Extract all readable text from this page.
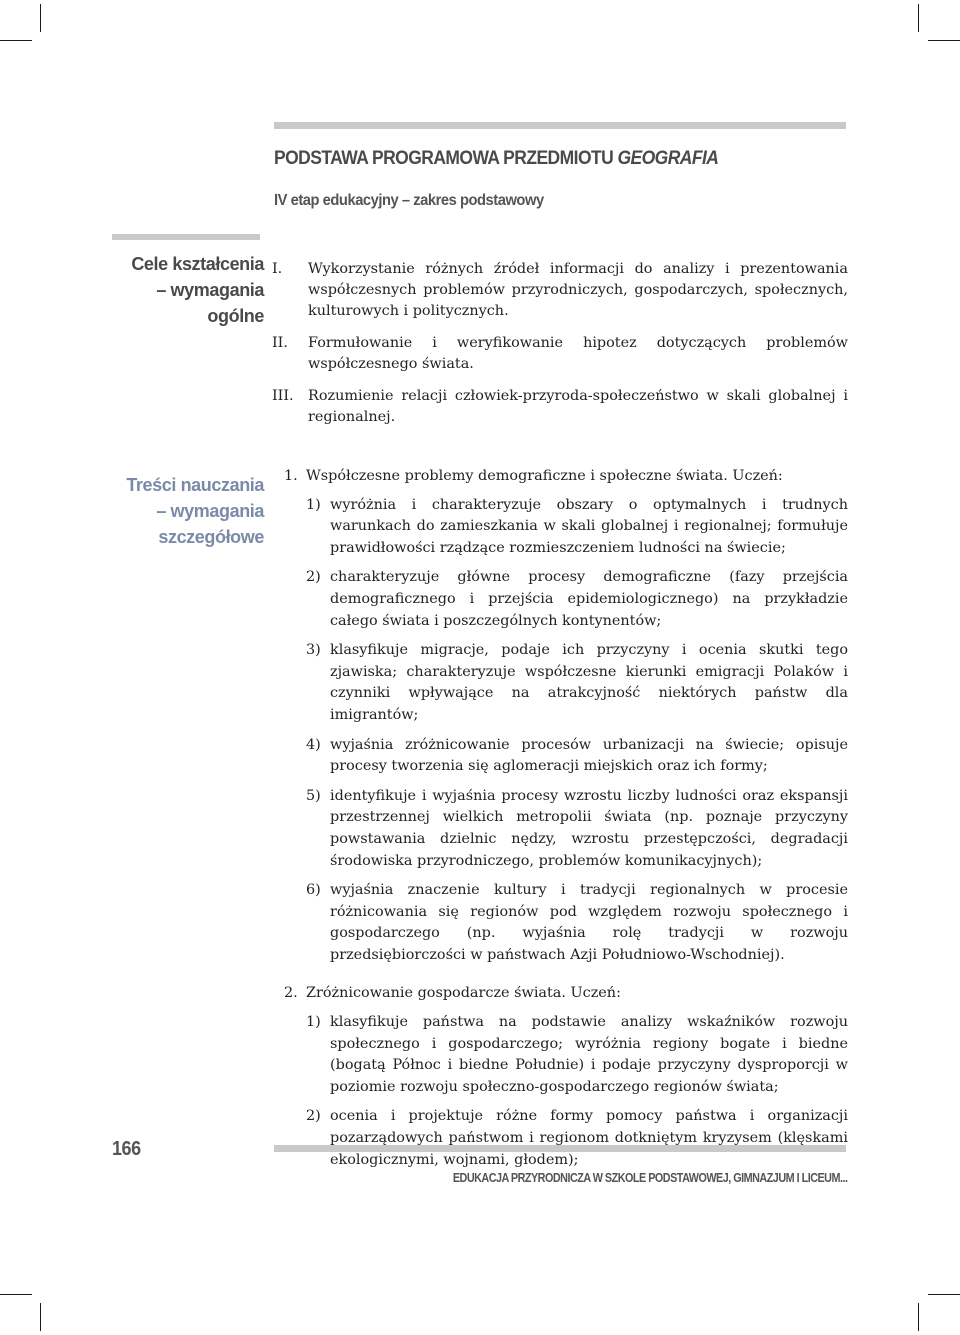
PODSTAWA PROGRAMOWA PRZEDMIOTU GEOGRAFIA
IV etap edukacyjny – zakres podstawowy
Cele kształcenia
– wymagania
ogólne
Treści nauczania
– wymagania
szczegółowe
I.	Wykorzystanie różnych źródeł informacji do analizy i prezentowania współczesnych problemów przyrodniczych, gospodarczych, społecznych, kulturowych i politycznych.
II.	Formułowanie i weryfikowanie hipotez dotyczących problemów współczesnego świata.
III. Rozumienie relacji człowiek-przyroda-społeczeństwo w skali globalnej i regionalnej.
1. Współczesne problemy demograficzne i społeczne świata. Uczeń:
1) wyróżnia i charakteryzuje obszary o optymalnych i trudnych warunkach do zamieszkania w skali globalnej i regionalnej; formułuje prawidłowości rządzące rozmieszczeniem ludności na świecie;
2) charakteryzuje główne procesy demograficzne (fazy przejścia demograficznego i przejścia epidemiologicznego) na przykładzie całego świata i poszczególnych kontynentów;
3) klasyfikuje migracje, podaje ich przyczyny i ocenia skutki tego zjawiska; charakteryzuje współczesne kierunki emigracji Polaków i czynniki wpływające na atrakcyjność niektórych państw dla imigrantów;
4) wyjaśnia zróżnicowanie procesów urbanizacji na świecie; opisuje procesy tworzenia się aglomeracji miejskich oraz ich formy;
5) identyfikuje i wyjaśnia procesy wzrostu liczby ludności oraz ekspansji przestrzennej wielkich metropolii świata (np. poznaje przyczyny powstawania dzielnic nędzy, wzrostu przestępczości, degradacji środowiska przyrodniczego, problemów komunikacyjnych);
6) wyjaśnia znaczenie kultury i tradycji regionalnych w procesie różnicowania się regionów pod względem rozwoju społecznego i gospodarczego (np. wyjaśnia rolę tradycji w rozwoju przedsiębiorczości w państwach Azji Południowo-Wschodniej).
2. Zróżnicowanie gospodarcze świata. Uczeń:
1) klasyfikuje państwa na podstawie analizy wskaźników rozwoju społecznego i gospodarczego; wyróżnia regiony bogate i biedne (bogatą Północ i biedne Południe) i podaje przyczyny dysproporcji w poziomie rozwoju społeczno-gospodarczego regionów świata;
2) ocenia i projektuje różne formy pomocy państwa i organizacji pozarządowych państwom i regionom dotkniętym kryzysem (klęskami ekologicznymi, wojnami, głodem);
166
EDUKACJA PRZYRODNICZA W SZKOLE PODSTAWOWEJ, GIMNAZJUM I LICEUM...
